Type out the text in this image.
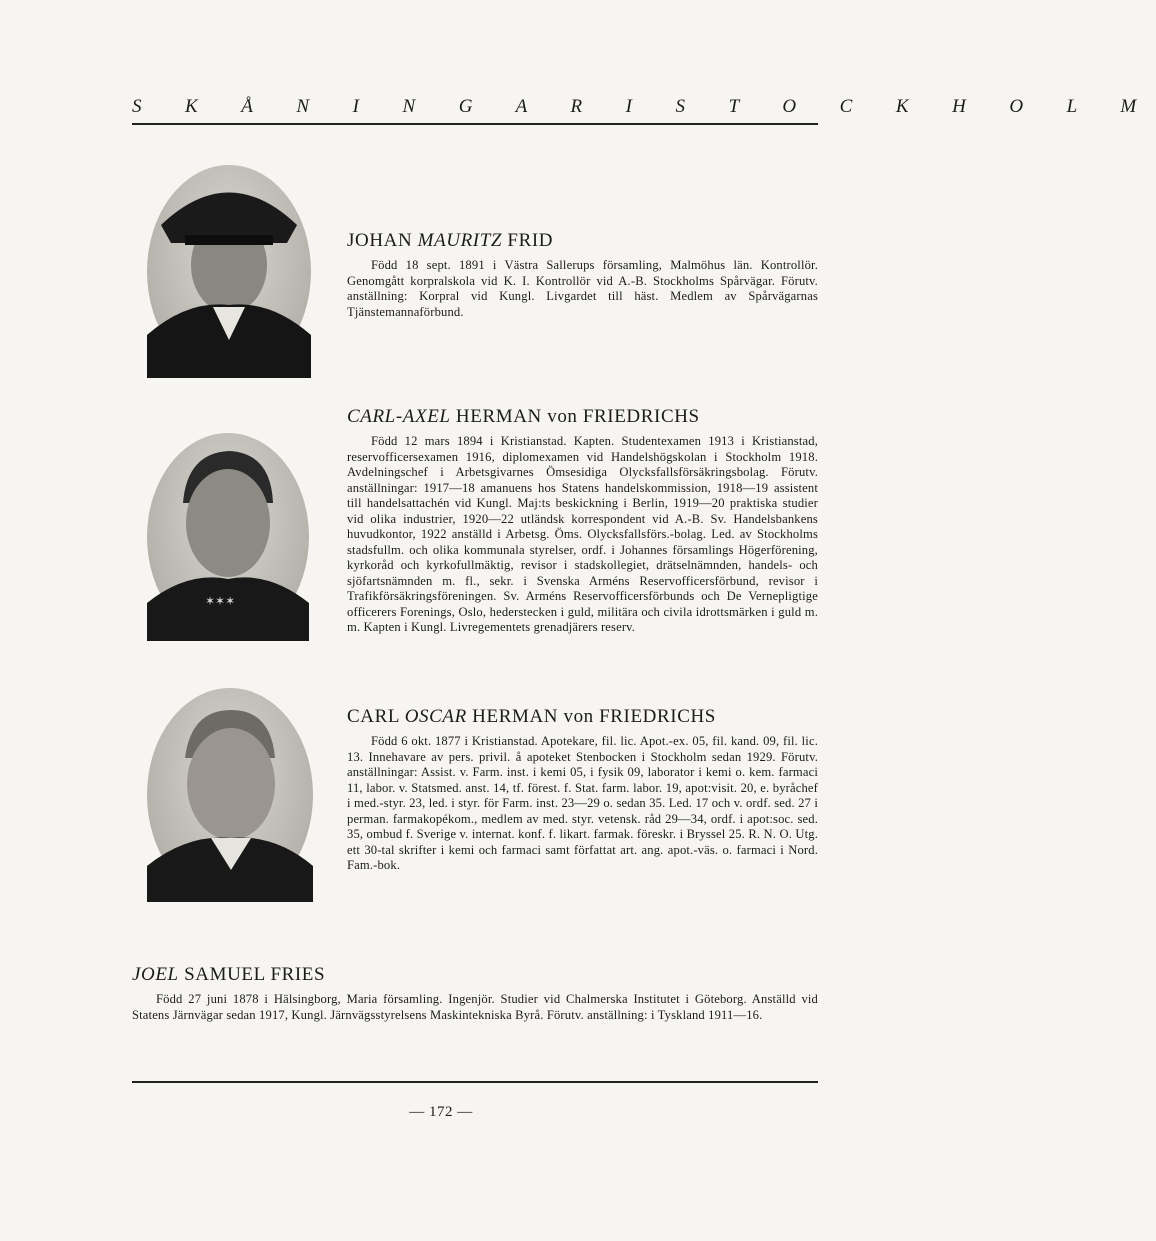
S K Å N I N G A R I S T O C K H O L M
✶✶✶
JOHAN MAURITZ FRID
Född 18 sept. 1891 i Västra Sallerups församling, Malmöhus län. Kontrollör. Genomgått korpralskola vid K. I. Kontrollör vid A.-B. Stockholms Spårvägar. Förutv. anställning: Korpral vid Kungl. Livgardet till häst. Medlem av Spårvägarnas Tjänstemannaförbund.
CARL-AXEL HERMAN von FRIEDRICHS
Född 12 mars 1894 i Kristianstad. Kapten. Studentexamen 1913 i Kristianstad, reservofficersexamen 1916, diplomexamen vid Handelshögskolan i Stockholm 1918. Avdelningschef i Arbetsgivarnes Ömsesidiga Olycksfallsförsäkringsbolag. Förutv. anställningar: 1917—18 amanuens hos Statens handelskommission, 1918—19 assistent till handelsattachén vid Kungl. Maj:ts beskickning i Berlin, 1919—20 praktiska studier vid olika industrier, 1920—22 utländsk korrespondent vid A.-B. Sv. Handelsbankens huvudkontor, 1922 anställd i Arbetsg. Öms. Olycksfallsförs.-bolag. Led. av Stockholms stadsfullm. och olika kommunala styrelser, ordf. i Johannes församlings Högerförening, kyrkoråd och kyrkofullmäktig, revisor i stadskollegiet, drätselnämnden, handels- och sjöfartsnämnden m. fl., sekr. i Svenska Arméns Reservofficersförbund, revisor i Trafikförsäkringsföreningen. Sv. Arméns Reservofficersförbunds och De Vernepligtige officerers Forenings, Oslo, hederstecken i guld, militära och civila idrottsmärken i guld m. m. Kapten i Kungl. Livregementets grenadjärers reserv.
CARL OSCAR HERMAN von FRIEDRICHS
Född 6 okt. 1877 i Kristianstad. Apotekare, fil. lic. Apot.-ex. 05, fil. kand. 09, fil. lic. 13. Innehavare av pers. privil. å apoteket Stenbocken i Stockholm sedan 1929. Förutv. anställningar: Assist. v. Farm. inst. i kemi 05, i fysik 09, laborator i kemi o. kem. farmaci 11, labor. v. Statsmed. anst. 14, tf. förest. f. Stat. farm. labor. 19, apot:visit. 20, e. byråchef i med.-styr. 23, led. i styr. för Farm. inst. 23—29 o. sedan 35. Led. 17 och v. ordf. sed. 27 i perman. farmakopékom., medlem av med. styr. vetensk. råd 29—34, ordf. i apot:soc. sed. 35, ombud f. Sverige v. internat. konf. f. likart. farmak. föreskr. i Bryssel 25. R. N. O. Utg. ett 30-tal skrifter i kemi och farmaci samt författat art. ang. apot.-väs. o. farmaci i Nord. Fam.-bok.
JOEL SAMUEL FRIES
Född 27 juni 1878 i Hälsingborg, Maria församling. Ingenjör. Studier vid Chalmerska Institutet i Göteborg. Anställd vid Statens Järnvägar sedan 1917, Kungl. Järnvägsstyrelsens Maskintekniska Byrå. Förutv. anställning: i Tyskland 1911—16.
— 172 —
